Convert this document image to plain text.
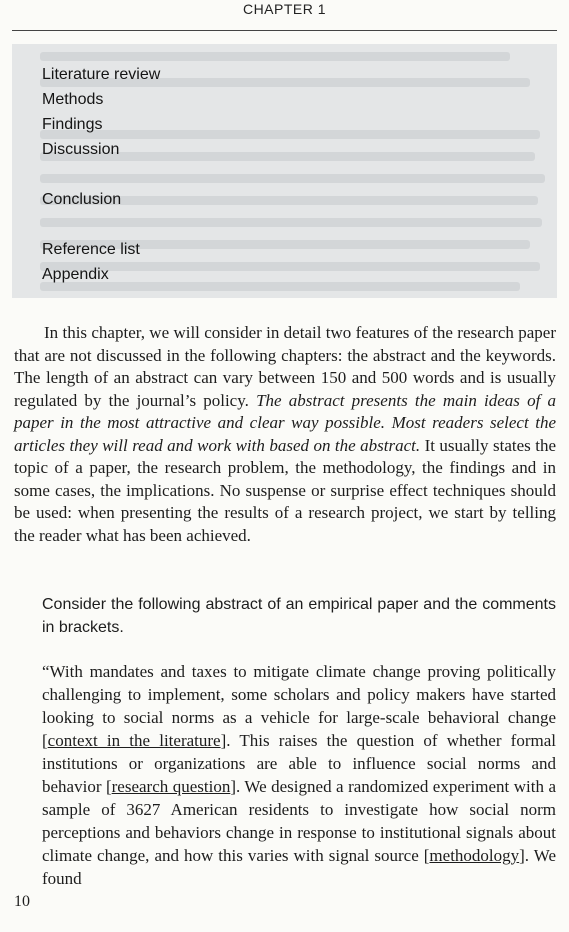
CHAPTER 1
Literature review
Methods
Findings
Discussion
Conclusion
Reference list
Appendix
In this chapter, we will consider in detail two features of the research paper that are not discussed in the following chapters: the abstract and the keywords. The length of an abstract can vary between 150 and 500 words and is usually regulated by the journal’s policy. The abstract presents the main ideas of a paper in the most attractive and clear way possible. Most readers select the articles they will read and work with based on the abstract. It usually states the topic of a paper, the research problem, the methodology, the findings and in some cases, the implications. No suspense or surprise effect techniques should be used: when presenting the results of a research project, we start by telling the reader what has been achieved.
Consider the following abstract of an empirical paper and the comments in brackets.
“With mandates and taxes to mitigate climate change proving politically challenging to implement, some scholars and policy makers have started looking to social norms as a vehicle for large-scale behavioral change [context in the literature]. This raises the question of whether formal institutions or organizations are able to influence social norms and behavior [research question]. We designed a randomized experiment with a sample of 3627 American residents to investigate how social norm perceptions and behaviors change in response to institutional signals about climate change, and how this varies with signal source [methodology]. We found
10
